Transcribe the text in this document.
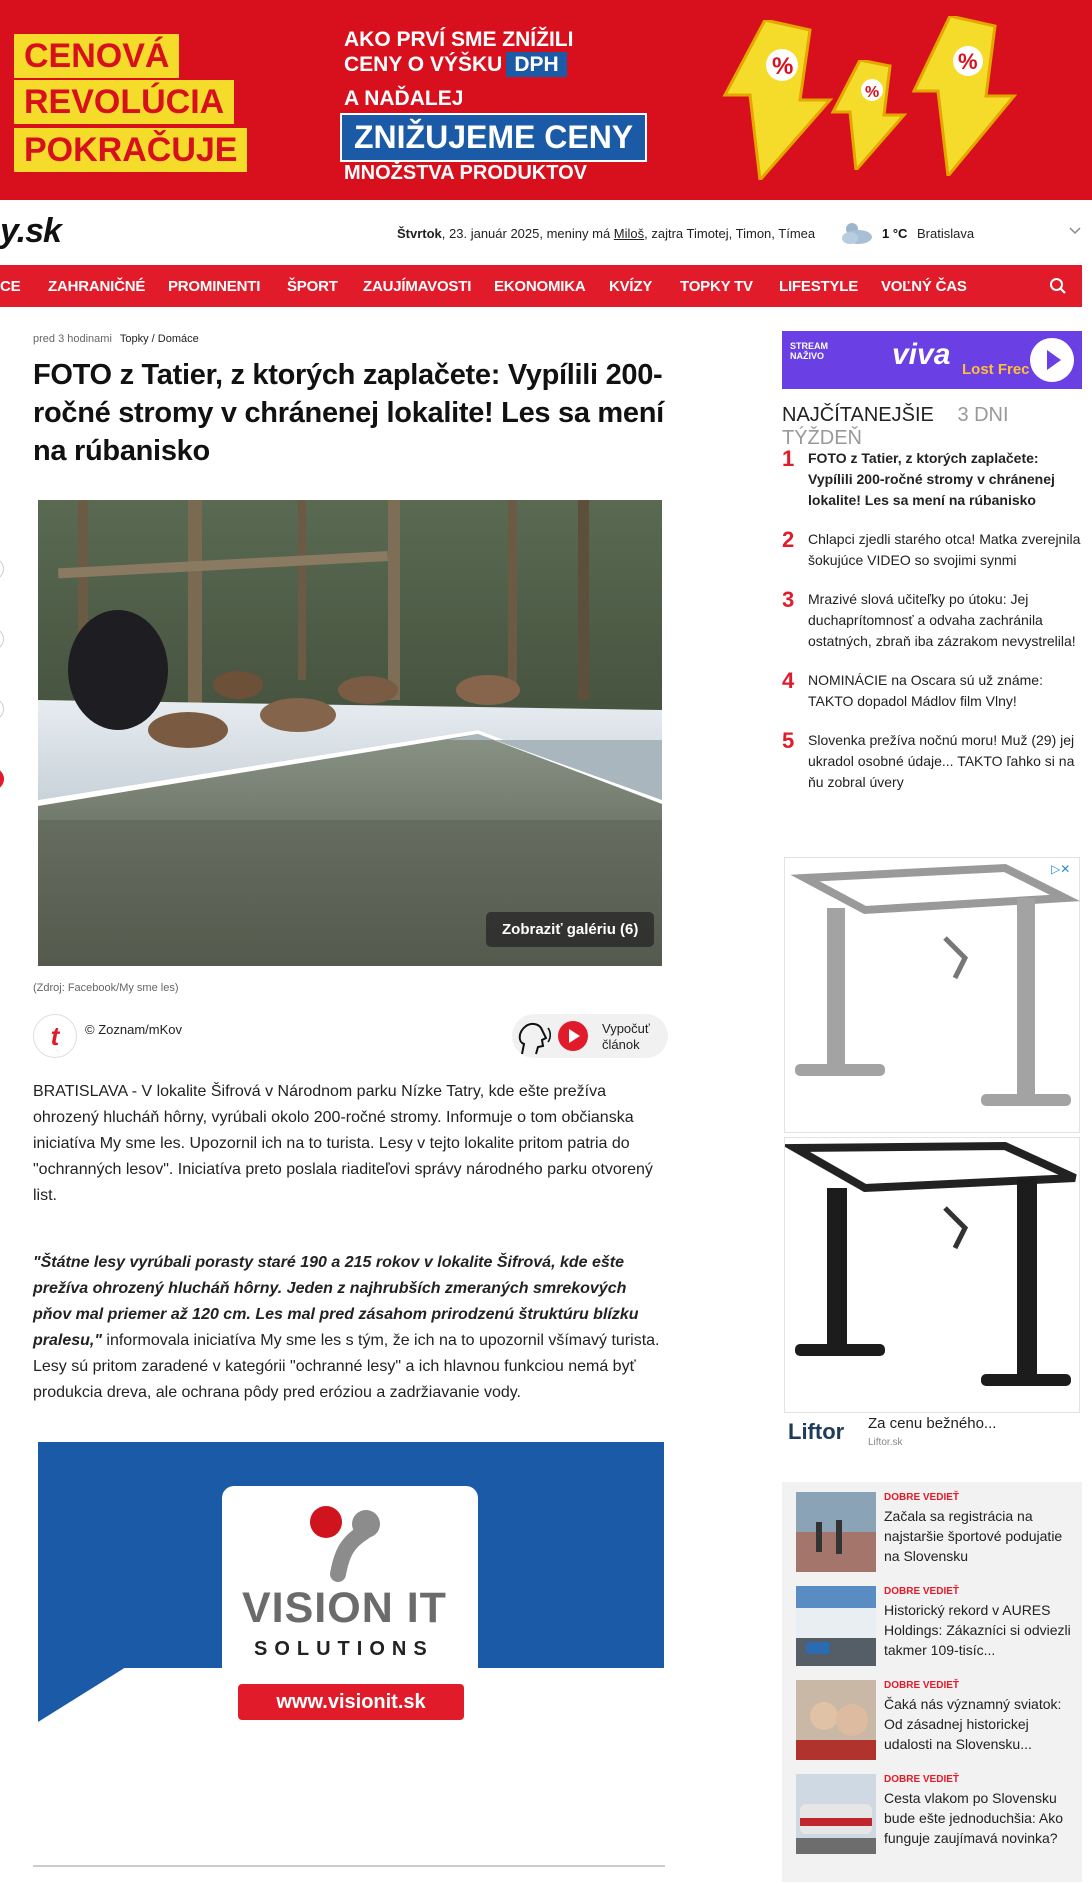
CENOVÁ
REVOLÚCIA
POKRAČUJE
AKO PRVÍ SME ZNÍŽILI
CENY O VÝŠKU DPH
A NAĎALEJ
ZNIŽUJEME CENY
MNOŽSTVA PRODUKTOV
%
%
%
y.sk	Štvrtok, 23. január 2025, meniny má Miloš, zajtra Timotej, Timon, Tímea	1 °C Bratislava
CE ZAHRANIČNÉ PROMINENTI ŠPORT ZAUJÍMAVOSTI EKONOMIKA KVÍZY TOPKY TV LIFESTYLE VOĽNÝ ČAS
pred 3 hodinami Topky / Domáce
FOTO z Tatier, z ktorých zaplačete: Vypílili 200-ročné stromy v chránenej lokalite! Les sa mení na rúbanisko
Zobraziť galériu (6)
(Zdroj: Facebook/My sme les)
t	© Zoznam/mKov	Vypočuť článok

BRATISLAVA - V lokalite Šifrová v Národnom parku Nízke Tatry, kde ešte prežíva ohrozený hlucháň hôrny, vyrúbali okolo 200-ročné stromy. Informuje o tom občianska iniciatíva My sme les. Upozornil ich na to turista. Lesy v tejto lokalite pritom patria do "ochranných lesov". Iniciatíva preto poslala riaditeľovi správy národného parku otvorený list.

"Štátne lesy vyrúbali porasty staré 190 a 215 rokov v lokalite Šifrová, kde ešte prežíva ohrozený hlucháň hôrny. Jeden z najhrubších zmeraných smrekových pňov mal priemer až 120 cm. Les mal pred zásahom prirodzenú štruktúru blízku pralesu," informovala iniciatíva My sme les s tým, že ich na to upozornil všímavý turista. Lesy sú pritom zaradené v kategórii "ochranné lesy" a ich hlavnou funkciou nemá byť produkcia dreva, ale ochrana pôdy pred eróziou a zadržiavanie vody.

VISION IT
SOLUTIONS
www.visionit.sk
STREAM
NAŽIVO viva Lost Frec
NAJČÍTANEJŠIE 3 DNI TÝŽDEŇ
1 FOTO z Tatier, z ktorých zaplačete: Vypílili 200-ročné stromy v chránenej lokalite! Les sa mení na rúbanisko
2 Chlapci zjedli starého otca! Matka zverejnila šokujúce VIDEO so svojimi synmi
3 Mrazivé slová učiteľky po útoku: Jej duchaprítomnosť a odvaha zachránila ostatných, zbraň iba zázrakom nevystrelila!
4 NOMINÁCIE na Oscara sú už známe: TAKTO dopadol Mádlov film Vlny!
5 Slovenka prežíva nočnú moru! Muž (29) jej ukradol osobné údaje... TAKTO ľahko si na ňu zobral úvery
▷✕
Liftor Za cenu bežného...
Liftor.sk
DOBRE VEDIEŤ
Začala sa registrácia na najstaršie športové podujatie na Slovensku
DOBRE VEDIEŤ
Historický rekord v AURES Holdings: Zákazníci si odviezli takmer 109-tisíc...
DOBRE VEDIEŤ
Čaká nás významný sviatok: Od zásadnej historickej udalosti na Slovensku...
DOBRE VEDIEŤ
Cesta vlakom po Slovensku bude ešte jednoduchšia: Ako funguje zaujímavá novinka?
